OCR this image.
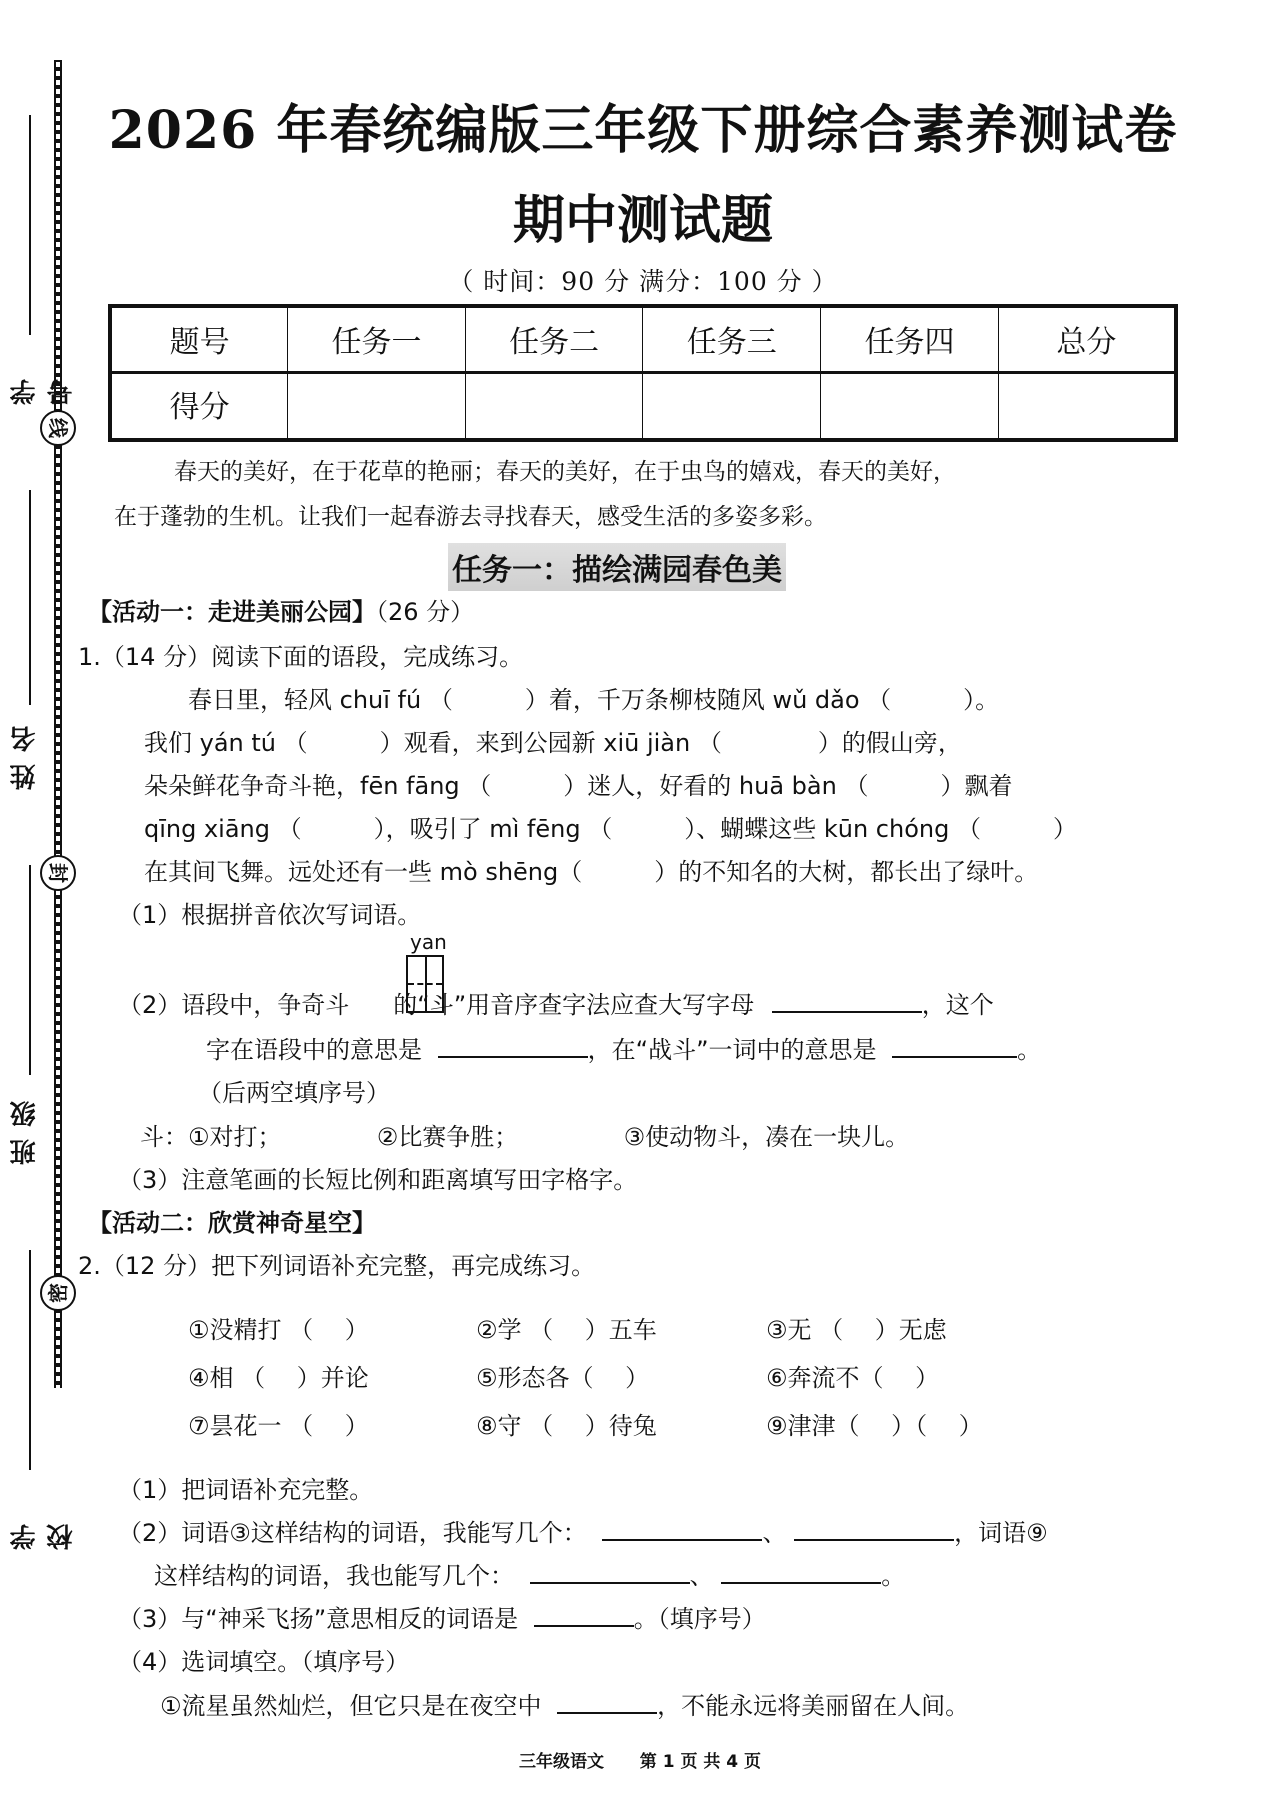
学号
线
姓名
封
班级
密
学校
2026 年春统编版三年级下册综合素养测试卷
期中测试题
（ 时间：90 分 满分：100 分 ）
题号	任务一	任务二	任务三	任务四	总分
得分					
春天的美好，在于花草的艳丽；春天的美好，在于虫鸟的嬉戏，春天的美好，
在于蓬勃的生机。让我们一起春游去寻找春天，感受生活的多姿多彩。
任务一：描绘满园春色美
【活动一：走进美丽公园】（26 分）
1.（14 分）阅读下面的语段，完成练习。
春日里，轻风 chuī fú （　　　）着，千万条柳枝随风 wǔ dǎo （　　　）。
我们 yán tú （　　　）观看，来到公园新 xiū jiàn （　　　　）的假山旁，
朵朵鲜花争奇斗艳，fēn fāng （　　　）迷人，好看的 huā bàn （　　　）飘着
qīng xiāng （　　　），吸引了 mì fēng （　　　）、蝴蝶这些 kūn chóng （　　　）
在其间飞舞。远处还有一些 mò shēng（　　　）的不知名的大树，都长出了绿叶。
（1）根据拼音依次写词语。
yan
（2）语段中，争奇斗 的“斗”用音序查字法应查大写字母	，这个
字在语段中的意思是	，在“战斗”一词中的意思是	。
（后两空填序号）
斗：①对打；	②比赛争胜；	③使动物斗，凑在一块儿。
（3）注意笔画的长短比例和距离填写田字格字。
【活动二：欣赏神奇星空】
2.（12 分）把下列词语补充完整，再完成练习。
①没精打 （　 ）	②学 （　 ）五车	③无 （　 ）无虑
④相 （　 ）并论	⑤形态各（　 ）	⑥奔流不（　 ）
⑦昙花一 （　 ）	⑧守 （　 ）待兔	⑨津津（　 ）（　 ）
（1）把词语补充完整。
（2）词语③这样结构的词语，我能写几个：	、	，词语⑨
这样结构的词语，我也能写几个：	、	。
（3）与“神采飞扬”意思相反的词语是	。（填序号）
（4）选词填空。（填序号）
①流星虽然灿烂，但它只是在夜空中	，不能永远将美丽留在人间。
三年级语文 第 1 页 共 4 页
